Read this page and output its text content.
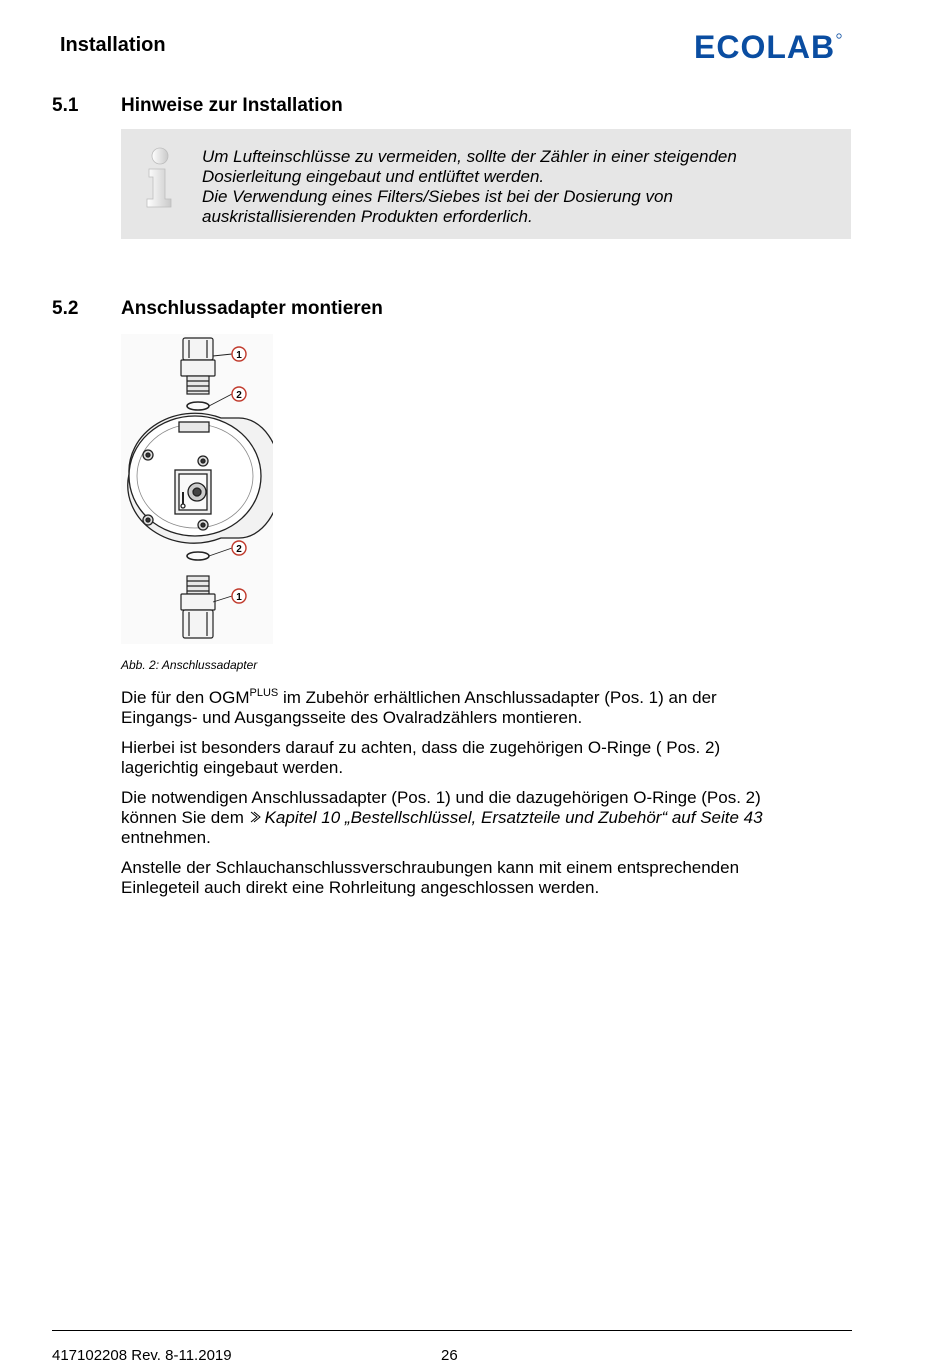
Installation	ECOLAB
5.1 Hinweise zur Installation
Um Lufteinschlüsse zu vermeiden, sollte der Zähler in einer steigenden
Dosierleitung eingebaut und entlüftet werden.
Die Verwendung eines Filters/Siebes ist bei der Dosierung von
auskristallisierenden Produkten erforderlich.
5.2 Anschlussadapter montieren
1
2
2
1
Abb. 2: Anschlussadapter
Die für den $OGM^{PLUS}$ im Zubehör erhältlichen Anschlussadapter (Pos. 1) an der
Eingangs- und Ausgangsseite des Ovalradzählers montieren.
Hierbei ist besonders darauf zu achten, dass die zugehörigen O-Ringe ( Pos. 2)
lagerichtig eingebaut werden.
Die notwendigen Anschlussadapter (Pos. 1) und die dazugehörigen O-Ringe (Pos. 2)
können Sie dem Kapitel 10 „Bestellschlüssel, Ersatzteile und Zubehör“ auf Seite 43
entnehmen.
Anstelle der Schlauchanschlussverschraubungen kann mit einem entsprechenden
Einlegeteil auch direkt eine Rohrleitung angeschlossen werden.
417102208 Rev. 8-11.2019	26
